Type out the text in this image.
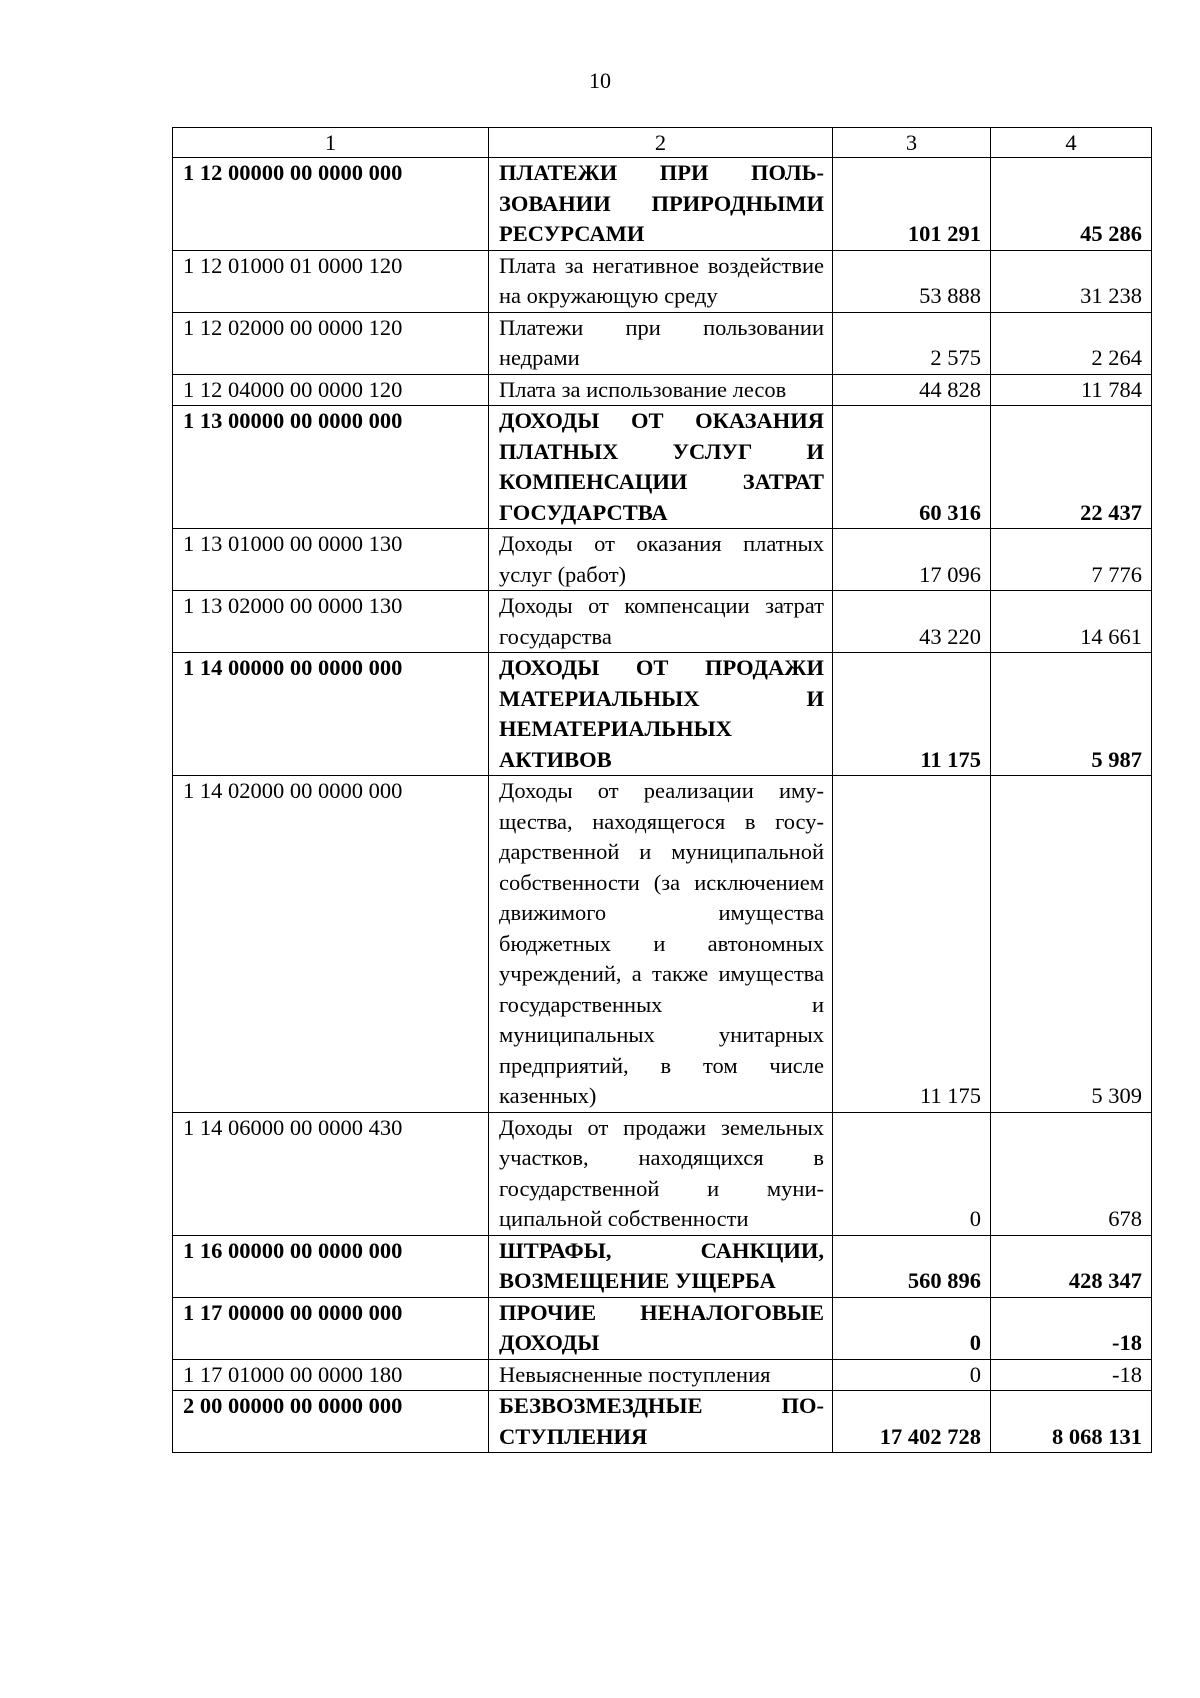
10
1	2	3	4
1 12 00000 00 0000 000	ПЛАТЕЖИ ПРИ ПОЛЬЗОВАНИИ ПРИРОДНЫМИ РЕСУРСАМИ	101 291	45 286
1 12 01000 01 0000 120	Плата за негативное воздействие на окружающую среду	53 888	31 238
1 12 02000 00 0000 120	Платежи при пользовании недрами	2 575	2 264
1 12 04000 00 0000 120	Плата за использование лесов	44 828	11 784
1 13 00000 00 0000 000	ДОХОДЫ ОТ ОКАЗАНИЯ ПЛАТНЫХ УСЛУГ И КОМПЕНСАЦИИ ЗАТРАТ ГОСУДАРСТВА	60 316	22 437
1 13 01000 00 0000 130	Доходы от оказания платных услуг (работ)	17 096	7 776
1 13 02000 00 0000 130	Доходы от компенсации затрат государства	43 220	14 661
1 14 00000 00 0000 000	ДОХОДЫ ОТ ПРОДАЖИ МАТЕРИАЛЬНЫХ И НЕМАТЕРИАЛЬНЫХ АКТИВОВ	11 175	5 987
1 14 02000 00 0000 000	Доходы от реализации имущества, находящегося в государственной и муниципальной собственности (за исключением движимого имущества бюджетных и автономных учреждений, а также имущества государственных и муниципальных унитарных предприятий, в том числе казенных)	11 175	5 309
1 14 06000 00 0000 430	Доходы от продажи земельных участков, находящихся в государственной и муниципальной собственности	0	678
1 16 00000 00 0000 000	ШТРАФЫ, САНКЦИИ, ВОЗМЕЩЕНИЕ УЩЕРБА	560 896	428 347
1 17 00000 00 0000 000	ПРОЧИЕ НЕНАЛОГОВЫЕ ДОХОДЫ	0	-18
1 17 01000 00 0000 180	Невыясненные поступления	0	-18
2 00 00000 00 0000 000	БЕЗВОЗМЕЗДНЫЕ ПОСТУПЛЕНИЯ	17 402 728	8 068 131
